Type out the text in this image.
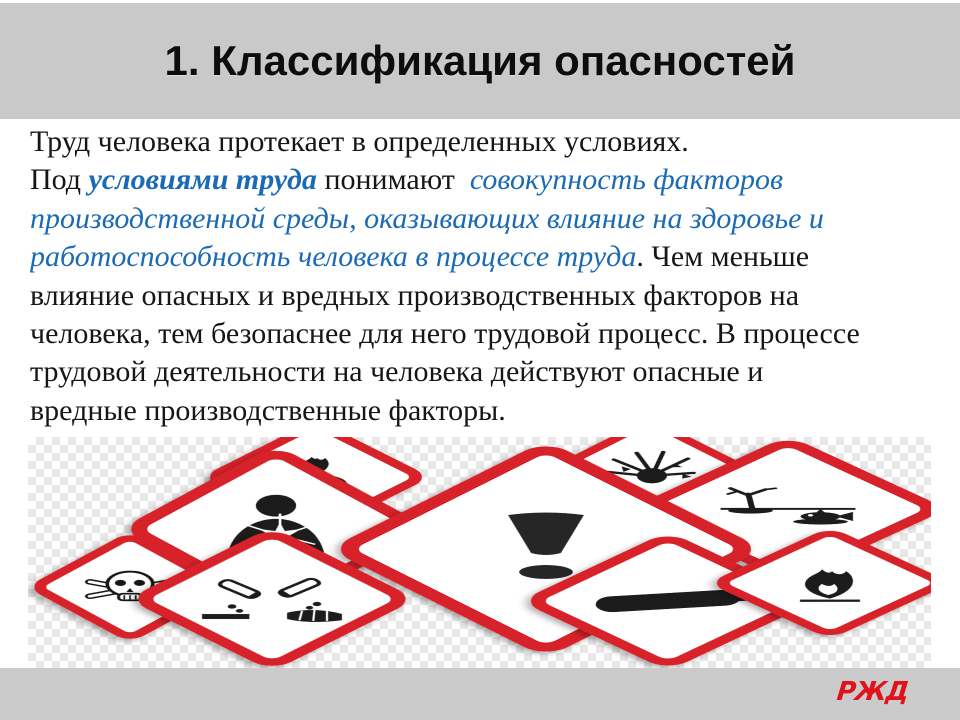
1. Классификация опасностей
Труд человека протекает в определенных условиях.
Под условиями труда понимают  совокупность факторов
производственной среды, оказывающих влияние на здоровье и
работоспособность человека в процессе труда. Чем меньше
влияние опасных и вредных производственных факторов на
человека, тем безопаснее для него трудовой процесс. В процессе
трудовой деятельности на человека действуют опасные и
вредные производственные факторы.
РЖД
